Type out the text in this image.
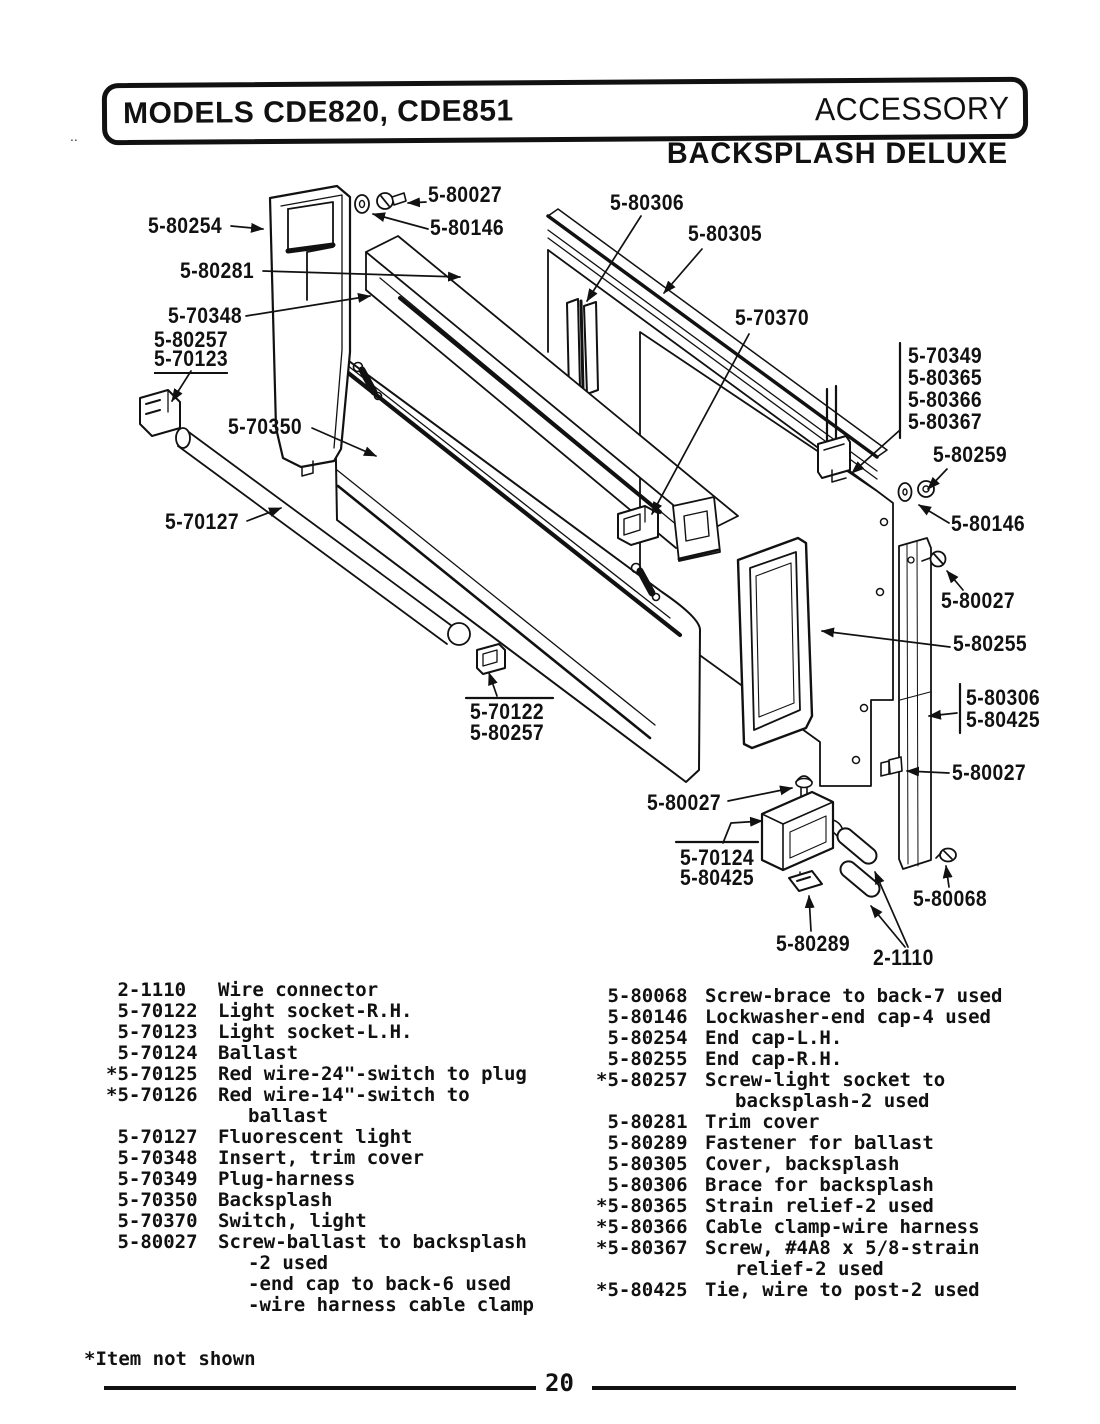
MODELS CDE820, CDE851	ACCESSORY
BACKSPLASH DELUXE
..
5-80027
5-80146
5-80254
5-80281
5-70348
5-80257
5-70123
5-70350
5-70127
5-80306
5-80305
5-70370
5-70349
5-80365
5-80366
5-80367
5-80259
5-80146
5-80027
5-80255
5-80306
5-80425
5-80027
5-70122
5-80257
5-80027
5-70124
5-80425
5-80289
2-1110
5-80068
2-1110	Wire connector
5-70122	Light socket-R.H.
5-70123	Light socket-L.H.
5-70124	Ballast
*5-70125	Red wire-24"-switch to plug
*5-70126	Red wire-14"-switch to
ballast
5-70127	Fluorescent light
5-70348	Insert, trim cover
5-70349	Plug-harness
5-70350	Backsplash
5-70370	Switch, light
5-80027	Screw-ballast to backsplash
-2 used
-end cap to back-6 used
-wire harness cable clamp
5-80068 Screw-brace to back-7 used
5-80146 Lockwasher-end cap-4 used
5-80254 End cap-L.H.
5-80255 End cap-R.H.
*5-80257 Screw-light socket to
backsplash-2 used
5-80281 Trim cover
5-80289 Fastener for ballast
5-80305 Cover, backsplash
5-80306 Brace for backsplash
*5-80365 Strain relief-2 used
*5-80366 Cable clamp-wire harness
*5-80367 Screw, #4A8 x 5/8-strain
relief-2 used
*5-80425 Tie, wire to post-2 used
*Item not shown
20
